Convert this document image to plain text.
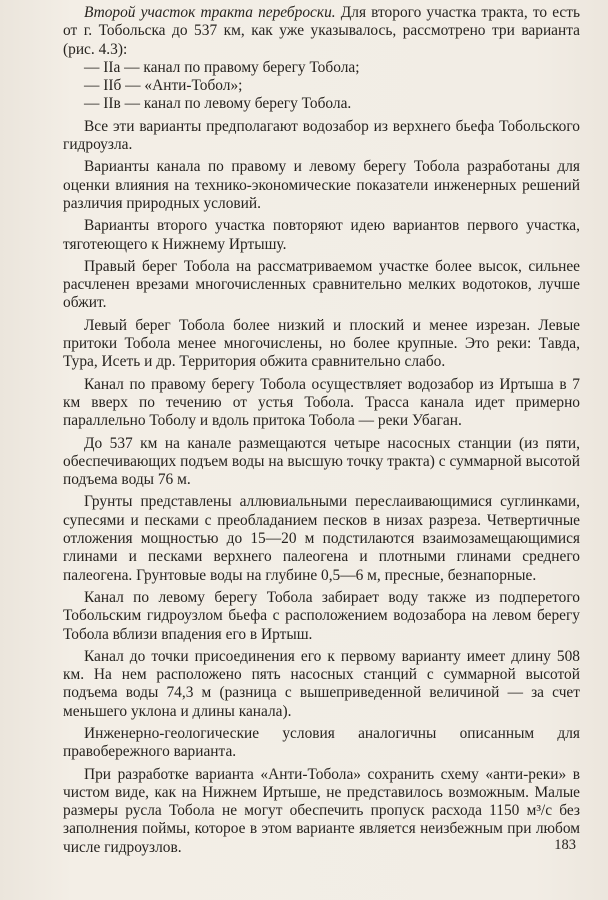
Второй участок тракта переброски. Для второго участка тракта, то есть от г. Тобольска до 537 км, как уже указывалось, рассмотрено три варианта (рис. 4.3):

— IIа — канал по правому берегу Тобола;

— IIб — «Анти-Тобол»;

— IIв — канал по левому берегу Тобола.

Все эти варианты предполагают водозабор из верхнего бьефа Тобольского гидроузла.

Варианты канала по правому и левому берегу Тобола разработаны для оценки влияния на технико-экономические показатели инженерных решений различия природных условий.

Варианты второго участка повторяют идею вариантов первого участка, тяготеющего к Нижнему Иртышу.

Правый берег Тобола на рассматриваемом участке более высок, сильнее расчленен врезами многочисленных сравнительно мелких водотоков, лучше обжит.

Левый берег Тобола более низкий и плоский и менее изрезан. Левые притоки Тобола менее многочислены, но более крупные. Это реки: Тавда, Тура, Исеть и др. Территория обжита сравнительно слабо.

Канал по правому берегу Тобола осуществляет водозабор из Иртыша в 7 км вверх по течению от устья Тобола. Трасса канала идет примерно параллельно Тоболу и вдоль притока Тобола — реки Убаган.

До 537 км на канале размещаются четыре насосных станции (из пяти, обеспечивающих подъем воды на высшую точку тракта) с суммарной высотой подъема воды 76 м.

Грунты представлены аллювиальными переслаивающимися суглинками, супесями и песками с преобладанием песков в низах разреза. Четвертичные отложения мощностью до 15—20 м подстилаются взаимозамещающимися глинами и песками верхнего палеогена и плотными глинами среднего палеогена. Грунтовые воды на глубине 0,5—6 м, пресные, безнапорные.

Канал по левому берегу Тобола забирает воду также из подперетого Тобольским гидроузлом бьефа с расположением водозабора на левом берегу Тобола вблизи впадения его в Иртыш.

Канал до точки присоединения его к первому варианту имеет длину 508 км. На нем расположено пять насосных станций с суммарной высотой подъема воды 74,3 м (разница с вышеприведенной величиной — за счет меньшего уклона и длины канала).

Инженерно-геологические условия аналогичны описанным для правобережного варианта.

При разработке варианта «Анти-Тобола» сохранить схему «анти-реки» в чистом виде, как на Нижнем Иртыше, не представилось возможным. Малые размеры русла Тобола не могут обеспечить пропуск расхода 1150 м³/с без заполнения поймы, которое в этом варианте является неизбежным при любом числе гидроузлов.	183
